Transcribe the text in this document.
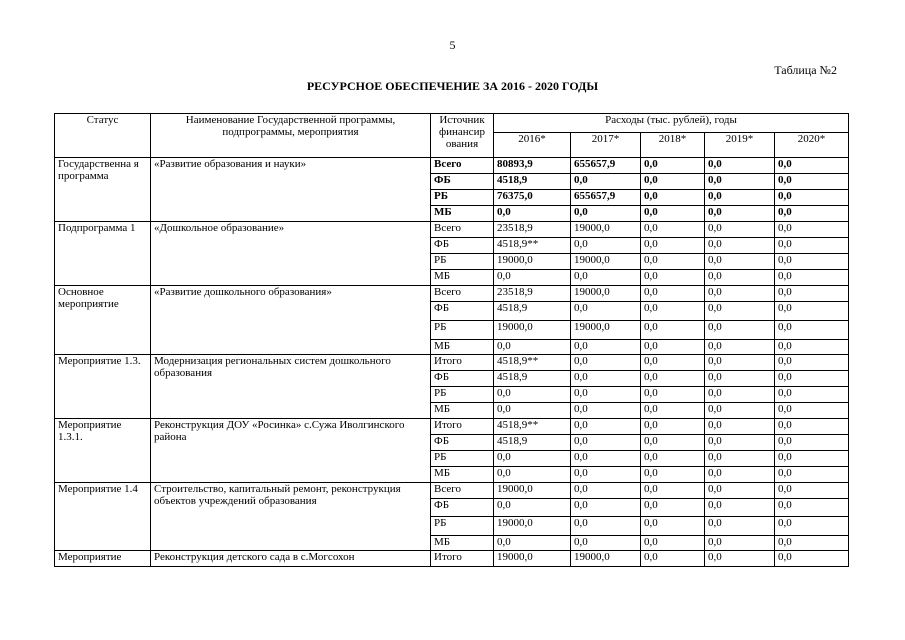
5
Таблица №2
РЕСУРСНОЕ ОБЕСПЕЧЕНИЕ ЗА 2016 - 2020 ГОДЫ
Статус	Наименование Государственной программы, подпрограммы, мероприятия	Источник финансир ования	Расходы (тыс. рублей), годы				
			2016*	2017*	2018*	2019*	2020*
Государственна я программа	«Развитие образования и науки»	Всего	80893,9	655657,9	0,0	0,0	0,0
		ФБ	4518,9	0,0	0,0	0,0	0,0
		РБ	76375,0	655657,9	0,0	0,0	0,0
		МБ	0,0	0,0	0,0	0,0	0,0
Подпрограмма 1	«Дошкольное образование»	Всего	23518,9	19000,0	0,0	0,0	0,0
		ФБ	4518,9**	0,0	0,0	0,0	0,0
		РБ	19000,0	19000,0	0,0	0,0	0,0
		МБ	0,0	0,0	0,0	0,0	0,0
Основное мероприятие	«Развитие дошкольного образования»	Всего	23518,9	19000,0	0,0	0,0	0,0
		ФБ	4518,9	0,0	0,0	0,0	0,0
		РБ	19000,0	19000,0	0,0	0,0	0,0
		МБ	0,0	0,0	0,0	0,0	0,0
Мероприятие 1.3.	Модернизация региональных систем дошкольного образования	Итого	4518,9**	0,0	0,0	0,0	0,0
		ФБ	4518,9	0,0	0,0	0,0	0,0
		РБ	0,0	0,0	0,0	0,0	0,0
		МБ	0,0	0,0	0,0	0,0	0,0
Мероприятие 1.3.1.	Реконструкция ДОУ «Росинка» с.Сужа Иволгинского района	Итого	4518,9**	0,0	0,0	0,0	0,0
		ФБ	4518,9	0,0	0,0	0,0	0,0
		РБ	0,0	0,0	0,0	0,0	0,0
		МБ	0,0	0,0	0,0	0,0	0,0
Мероприятие 1.4	Строительство, капитальный ремонт, реконструкция объектов учреждений образования	Всего	19000,0	0,0	0,0	0,0	0,0
		ФБ	0,0	0,0	0,0	0,0	0,0
		РБ	19000,0	0,0	0,0	0,0	0,0
		МБ	0,0	0,0	0,0	0,0	0,0
Мероприятие	Реконструкция детского сада в с.Могсохон	Итого	19000,0	19000,0	0,0	0,0	0,0
